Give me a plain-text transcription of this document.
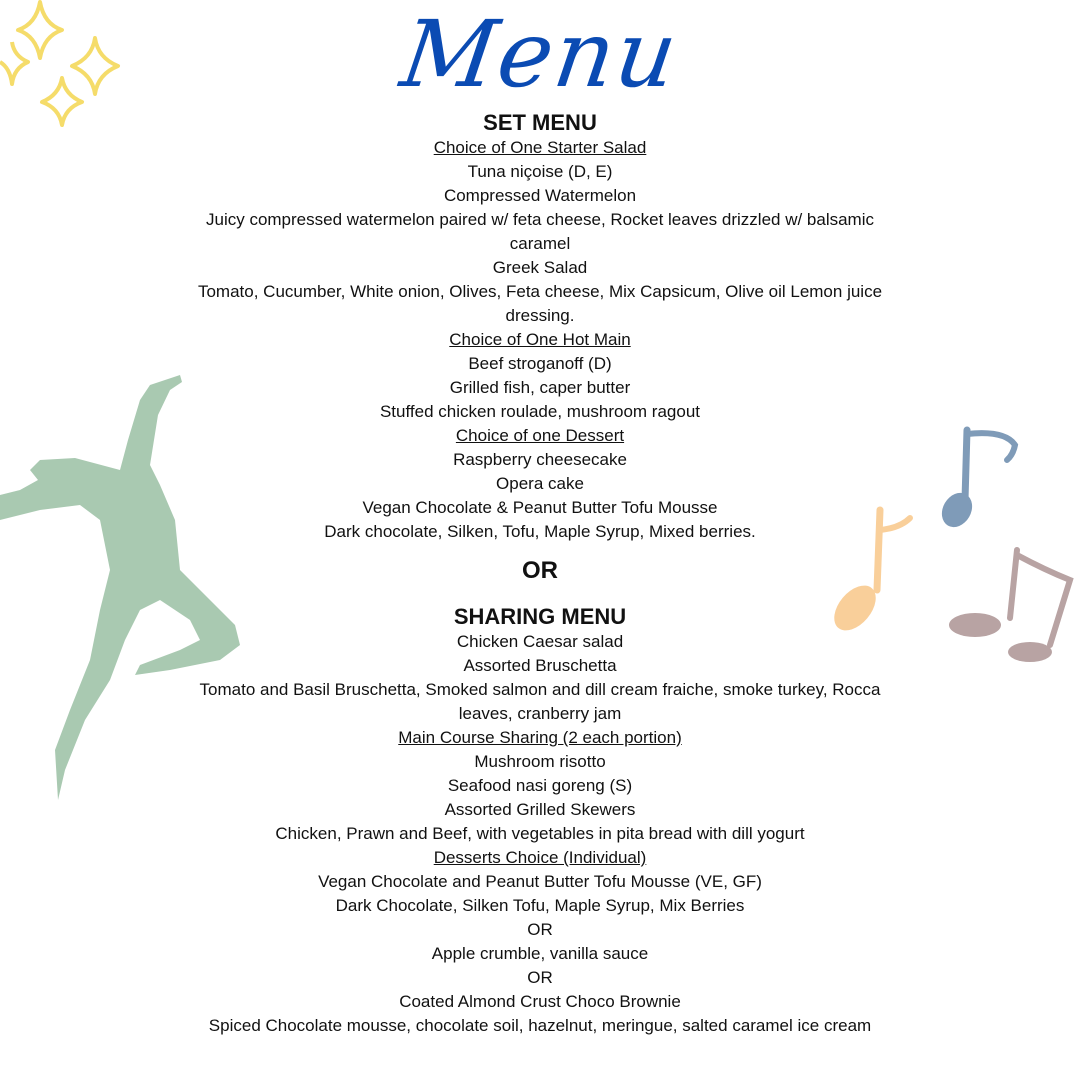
Menu
SET MENU
Choice of One Starter Salad
Tuna niçoise (D, E)
Compressed Watermelon
Juicy compressed watermelon paired w/ feta cheese, Rocket leaves drizzled w/ balsamic caramel
Greek Salad
Tomato, Cucumber, White onion, Olives, Feta cheese, Mix Capsicum, Olive oil Lemon juice dressing.
Choice of One Hot Main
Beef stroganoff (D)
Grilled fish, caper butter
Stuffed chicken roulade, mushroom ragout
Choice of one Dessert
Raspberry cheesecake
Opera cake
Vegan Chocolate & Peanut Butter Tofu Mousse
Dark chocolate, Silken, Tofu, Maple Syrup, Mixed berries.
OR
SHARING MENU
Chicken Caesar salad
Assorted Bruschetta
Tomato and Basil Bruschetta, Smoked salmon and dill cream fraiche, smoke turkey, Rocca leaves, cranberry jam
Main Course Sharing (2 each portion)
Mushroom risotto
Seafood nasi goreng (S)
Assorted Grilled Skewers
Chicken, Prawn and Beef, with vegetables in pita bread with dill yogurt
Desserts Choice (Individual)
Vegan Chocolate and Peanut Butter Tofu Mousse (VE, GF)
Dark Chocolate, Silken Tofu, Maple Syrup, Mix Berries
OR
Apple crumble, vanilla sauce
OR
Coated Almond Crust Choco Brownie
Spiced Chocolate mousse, chocolate soil, hazelnut, meringue, salted caramel ice cream
